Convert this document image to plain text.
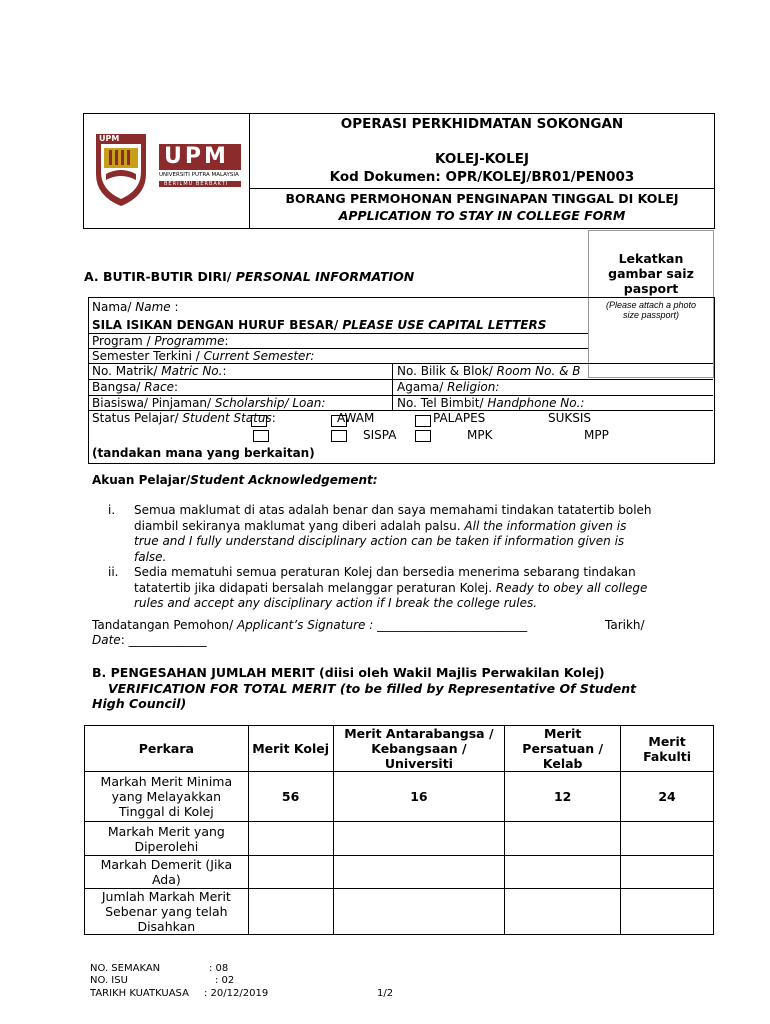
UPM
UPM
UNIVERSITI PUTRA MALAYSIA
BERILMU BERBAKTI
OPERASI PERKHIDMATAN SOKONGAN
KOLEJ-KOLEJ
Kod Dokumen: OPR/KOLEJ/BR01/PEN003
BORANG PERMOHONAN PENGINAPAN TINGGAL DI KOLEJ
APPLICATION TO STAY IN COLLEGE FORM
Lekatkan
gambar saiz
pasport
(Please attach a photo
size passport)
A. BUTIR-BUTIR DIRI/ PERSONAL INFORMATION
Nama/ Name :
SILA ISIKAN DENGAN HURUF BESAR/ PLEASE USE CAPITAL LETTERS
Program / Programme:
Semester Terkini / Current Semester:
No. Matrik/ Matric No.:	No. Bilik & Blok/ Room No. & B
Bangsa/ Race:	Agama/ Religion:
Biasiswa/ Pinjaman/ Scholarship/ Loan:	No. Tel Bimbit/ Handphone No.:
Status Pelajar/ Student Status:	AWAM	PALAPES	SUKSIS
SISPA	MPK	MPP
(tandakan mana yang berkaitan)
Akuan Pelajar/Student Acknowledgement:
i. Semua maklumat di atas adalah benar dan saya memahami tindakan tatatertib boleh
diambil sekiranya maklumat yang diberi adalah palsu. All the information given is
true and I fully understand disciplinary action can be taken if information given is
false.
ii. Sedia mematuhi semua peraturan Kolej dan bersedia menerima sebarang tindakan
tatatertib jika didapati bersalah melanggar peraturan Kolej. Ready to obey all college
rules and accept any disciplinary action if I break the college rules.
Tandatangan Pemohon/ Applicant’s Signature : _________________________	Tarikh/
Date: _____________
B. PENGESAHAN JUMLAH MERIT (diisi oleh Wakil Majlis Perwakilan Kolej)
VERIFICATION FOR TOTAL MERIT (to be filled by Representative Of Student
High Council)
Perkara	Merit Kolej	Merit Antarabangsa / Kebangsaan / Universiti	Merit Persatuan / Kelab	Merit Fakulti
Markah Merit Minima yang Melayakkan Tinggal di Kolej	56	16	12	24
Markah Merit yang Diperolehi				
Markah Demerit (Jika Ada)				
Jumlah Markah Merit Sebenar yang telah Disahkan				
NO. SEMAKAN	: 08
NO. ISU	: 02
TARIKH KUATKUASA : 20/12/2019	1/2
